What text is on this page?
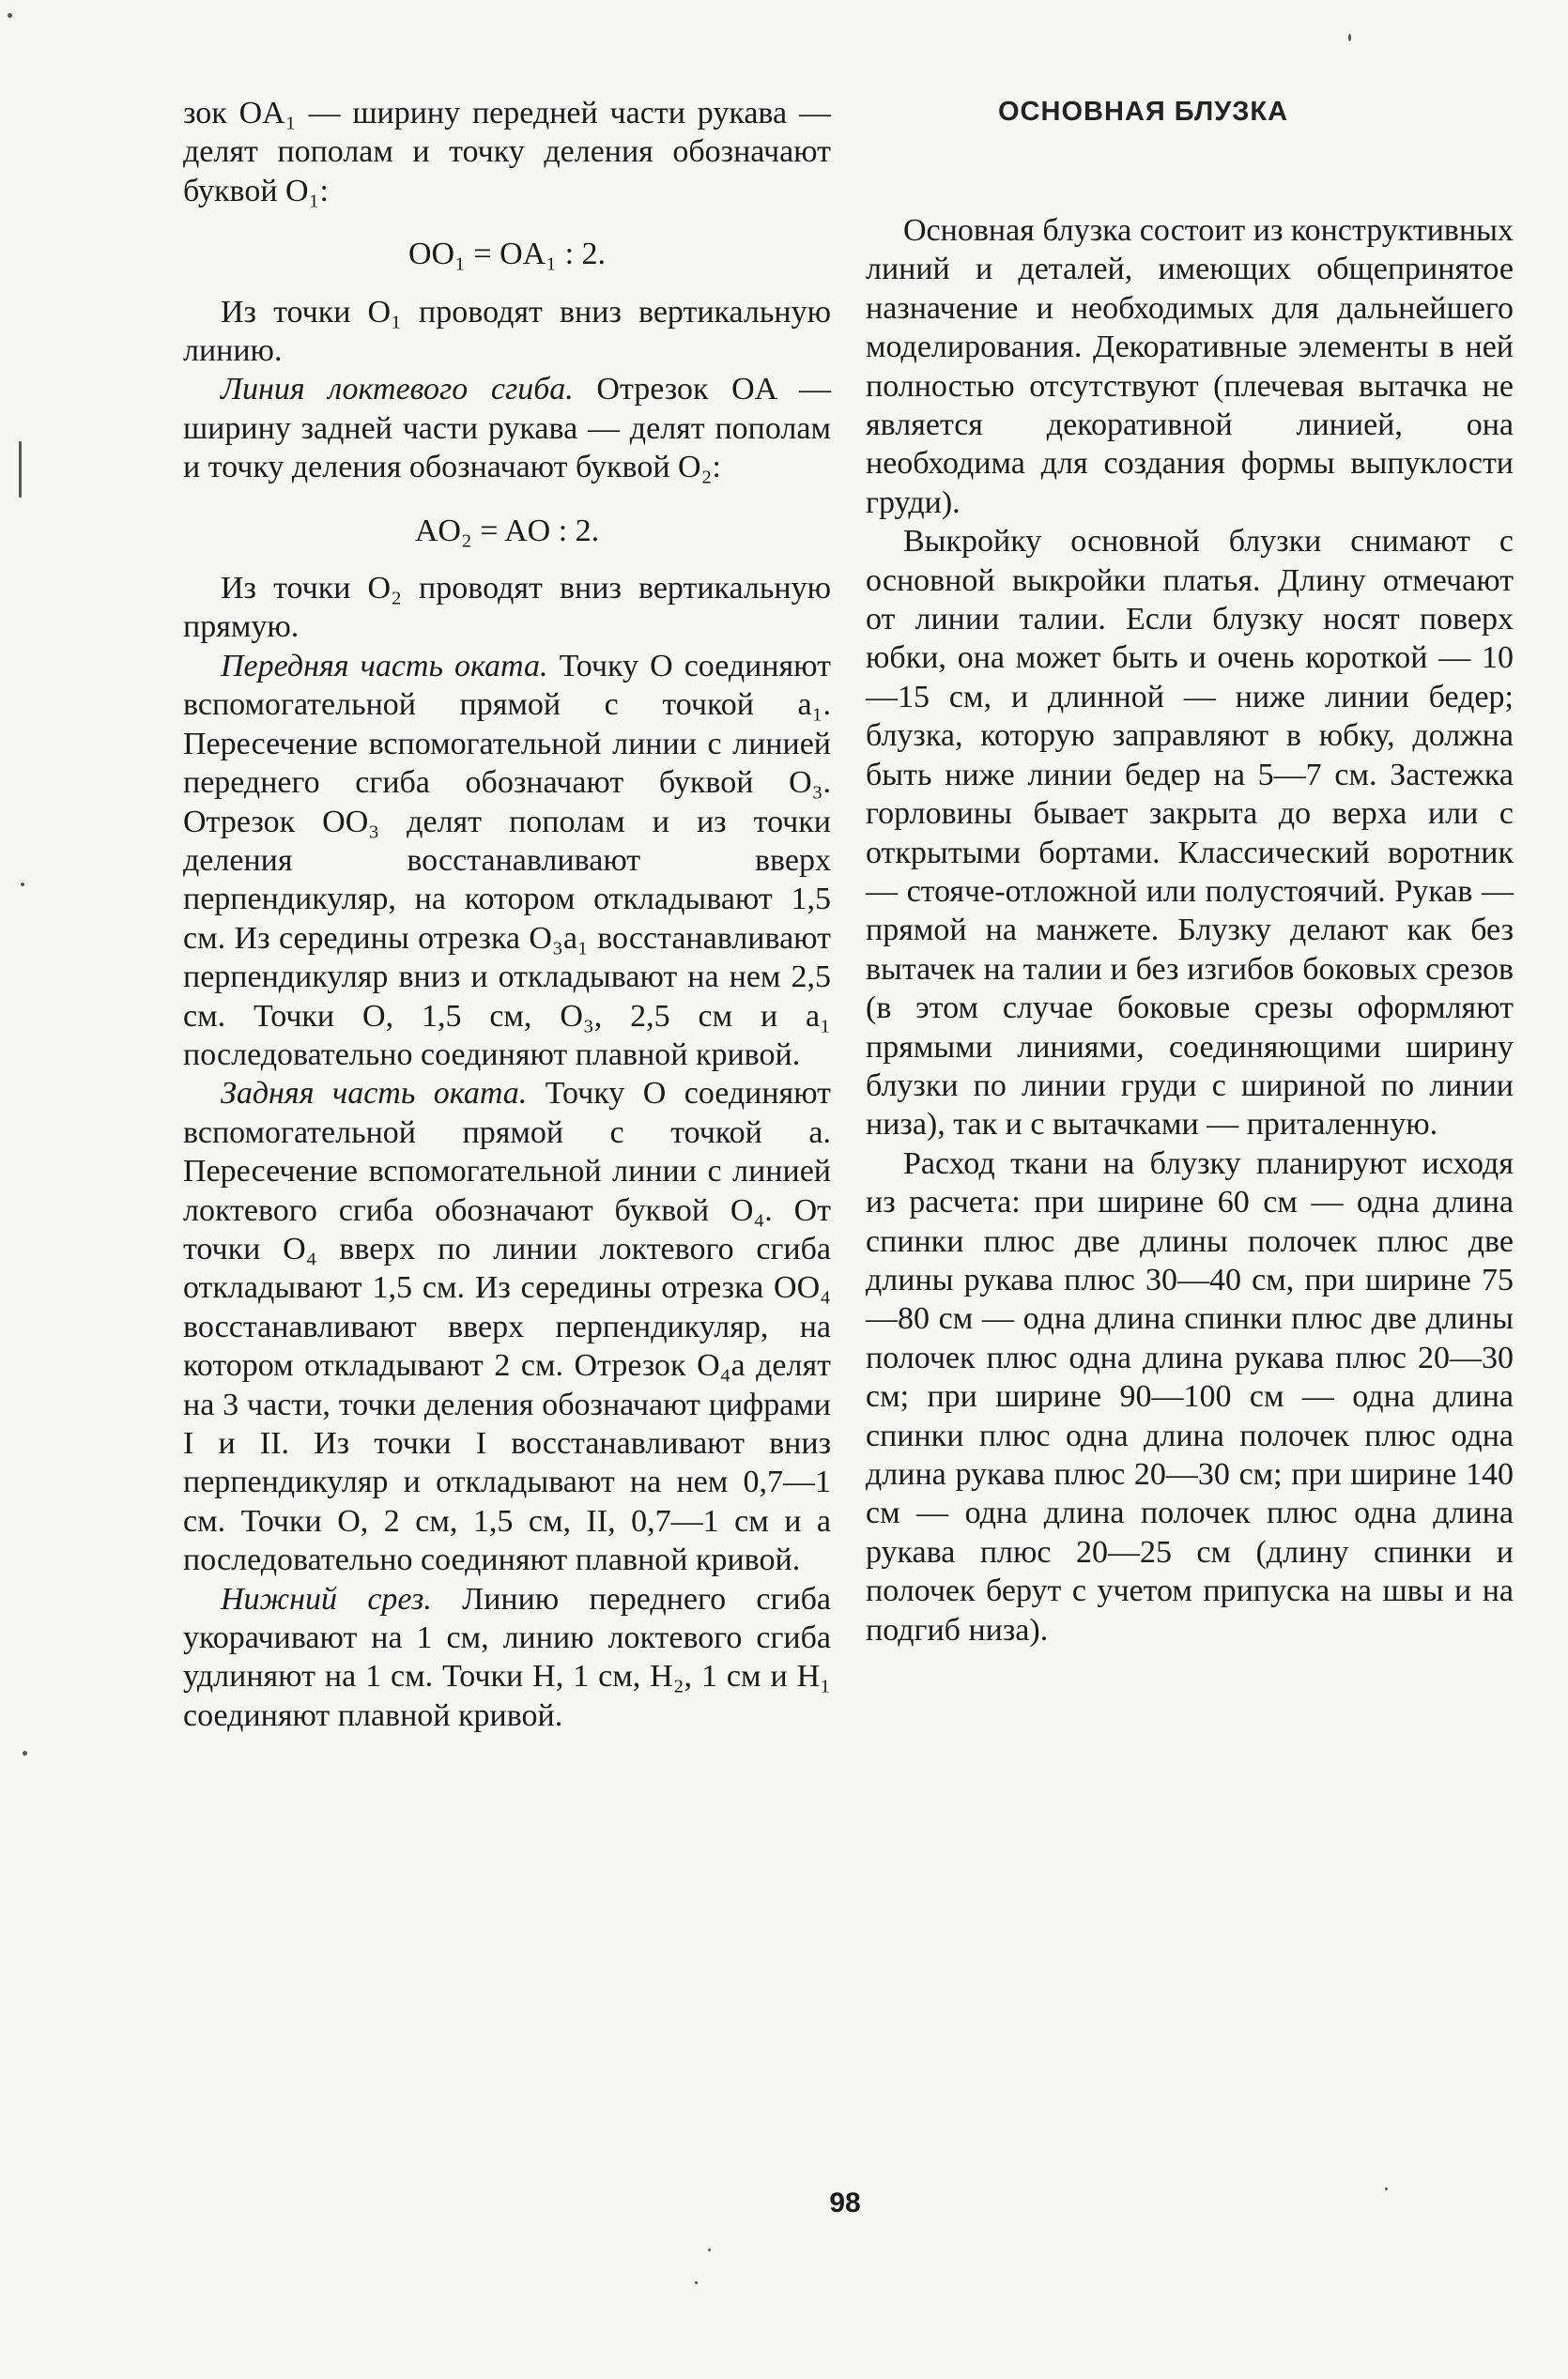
зок OA₁ — ширину передней части рукава — делят пополам и точку деления обозначают буквой O₁:

OO₁ = OA₁ : 2.

Из точки O₁ проводят вниз вертикальную линию.

Линия локтевого сгиба. Отрезок OA — ширину задней части рукава — делят пополам и точку деления обозначают буквой O₂:

AO₂ = AO : 2.

Из точки O₂ проводят вниз вертикальную прямую.

Передняя часть оката. Точку O соединяют вспомогательной прямой с точкой a₁. Пересечение вспомогательной линии с линией переднего сгиба обозначают буквой O₃. Отрезок OO₃ делят пополам и из точки деления восстанавливают вверх перпендикуляр, на котором откладывают 1,5 см. Из середины отрезка O₃a₁ восстанавливают перпендикуляр вниз и откладывают на нем 2,5 см. Точки O, 1,5 см, O₃, 2,5 см и a₁ последовательно соединяют плавной кривой.

Задняя часть оката. Точку O соединяют вспомогательной прямой с точкой a. Пересечение вспомогательной линии с линией локтевого сгиба обозначают буквой O₄. От точки O₄ вверх по линии локтевого сгиба откладывают 1,5 см. Из середины отрезка OO₄ восстанавливают вверх перпендикуляр, на котором откладывают 2 см. Отрезок O₄a делят на 3 части, точки деления обозначают цифрами I и II. Из точки I восстанавливают вниз перпендикуляр и откладывают на нем 0,7—1 см. Точки O, 2 см, 1,5 см, II, 0,7—1 см и a последовательно соединяют плавной кривой.

Нижний срез. Линию переднего сгиба укорачивают на 1 см, линию локтевого сгиба удлиняют на 1 см. Точки H, 1 см, H₂, 1 см и H₁ соединяют плавной кривой.

ОСНОВНАЯ БЛУЗКА

Основная блузка состоит из конструктивных линий и деталей, имеющих общепринятое назначение и необходимых для дальнейшего моделирования. Декоративные элементы в ней полностью отсутствуют (плечевая вытачка не является декоративной линией, она необходима для создания формы выпуклости груди).

Выкройку основной блузки снимают с основной выкройки платья. Длину отмечают от линии талии. Если блузку носят поверх юбки, она может быть и очень короткой — 10—15 см, и длинной — ниже линии бедер; блузка, которую заправляют в юбку, должна быть ниже линии бедер на 5—7 см. Застежка горловины бывает закрыта до верха или с открытыми бортами. Классический воротник — стояче-отложной или полустоячий. Рукав — прямой на манжете. Блузку делают как без вытачек на талии и без изгибов боковых срезов (в этом случае боковые срезы оформляют прямыми линиями, соединяющими ширину блузки по линии груди с шириной по линии низа), так и с вытачками — приталенную.

Расход ткани на блузку планируют исходя из расчета: при ширине 60 см — одна длина спинки плюс две длины полочек плюс две длины рукава плюс 30—40 см, при ширине 75—80 см — одна длина спинки плюс две длины полочек плюс одна длина рукава плюс 20—30 см; при ширине 90—100 см — одна длина спинки плюс одна длина полочек плюс одна длина рукава плюс 20—30 см; при ширине 140 см — одна длина полочек плюс одна длина рукава плюс 20—25 см (длину спинки и полочек берут с учетом припуска на швы и на подгиб низа).

98
